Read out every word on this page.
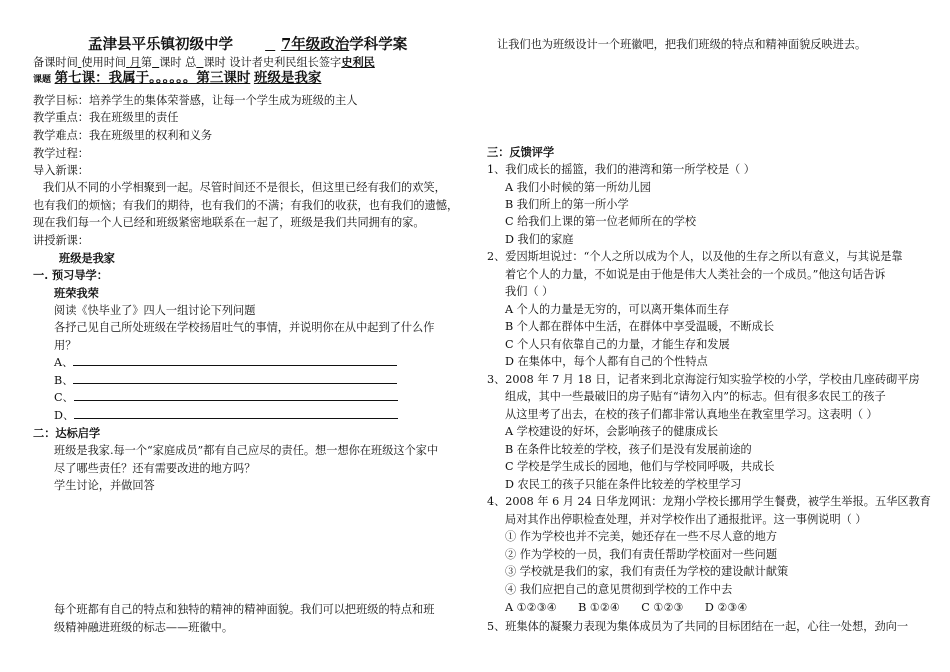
孟津县平乐镇初级中学	7年级政治学科学案
备课时间 使用时间 月第 课时 总 课时 设计者史利民组长签字史利民
课题 第七课：我属于。。。。。。第三课时 班级是我家
教学目标：培养学生的集体荣誉感，让每一个学生成为班级的主人
教学重点：我在班级里的责任
教学难点：我在班级里的权利和义务
教学过程：
导入新课：
我们从不同的小学相聚到一起。尽管时间还不是很长，但这里已经有我们的欢笑，
也有我们的烦恼；有我们的期待，也有我们的不满；有我们的收获，也有我们的遗憾，
现在我们每一个人已经和班级紧密地联系在一起了，班级是我们共同拥有的家。
讲授新课：
班级是我家
一. 预习导学：
班荣我荣
阅读《快毕业了》四人一组讨论下列问题
各抒己见自己所处班级在学校扬眉吐气的事情，并说明你在从中起到了什么作
用？
A、
B、
C、
D、
二：达标启学
班级是我家.每一个“家庭成员”都有自己应尽的责任。想一想你在班级这个家中
尽了哪些责任？还有需要改进的地方吗？
学生讨论，并做回答
每个班都有自己的特点和独特的精神的精神面貌。我们可以把班级的特点和班
级精神融进班级的标志——班徽中。
让我们也为班级设计一个班徽吧，把我们班级的特点和精神面貌反映进去。
三：反馈评学
1、我们成长的摇篮，我们的港湾和第一所学校是（ ）
A 我们小时候的第一所幼儿园
B 我们所上的第一所小学
C 给我们上课的第一位老师所在的学校
D 我们的家庭
2、爱因斯坦说过：“个人之所以成为个人，以及他的生存之所以有意义，与其说是靠
着它个人的力量，不如说是由于他是伟大人类社会的一个成员。”他这句话告诉
我们（ ）
A 个人的力量是无穷的，可以离开集体而生存
B 个人都在群体中生活，在群体中享受温暖，不断成长
C 个人只有依靠自己的力量，才能生存和发展
D 在集体中，每个人都有自己的个性特点
3、2008 年 7 月 18 日，记者来到北京海淀行知实验学校的小学，学校由几座砖砌平房
组成，其中一些最破旧的房子贴有“请勿入内”的标志。但有很多农民工的孩子
从这里考了出去，在校的孩子们都非常认真地坐在教室里学习。这表明（ ）
A 学校建设的好坏，会影响孩子的健康成长
B 在条件比较差的学校，孩子们是没有发展前途的
C 学校是学生成长的园地，他们与学校同呼吸，共成长
D 农民工的孩子只能在条件比较差的学校里学习
4、2008 年 6 月 24 日华龙网讯：龙翔小学校长挪用学生餐费，被学生举报。五华区教育
局对其作出停职检查处理，并对学校作出了通报批评。这一事例说明（ ）
① 作为学校也并不完美，她还存在一些不尽人意的地方
② 作为学校的一员，我们有责任帮助学校面对一些问题
③ 学校就是我们的家，我们有责任为学校的建设献计献策
④ 我们应把自己的意见贯彻到学校的工作中去
A ①②③④      B ①②④      C ①②③      D ②③④
5、班集体的凝聚力表现为集体成员为了共同的目标团结在一起，心往一处想，劲向一
